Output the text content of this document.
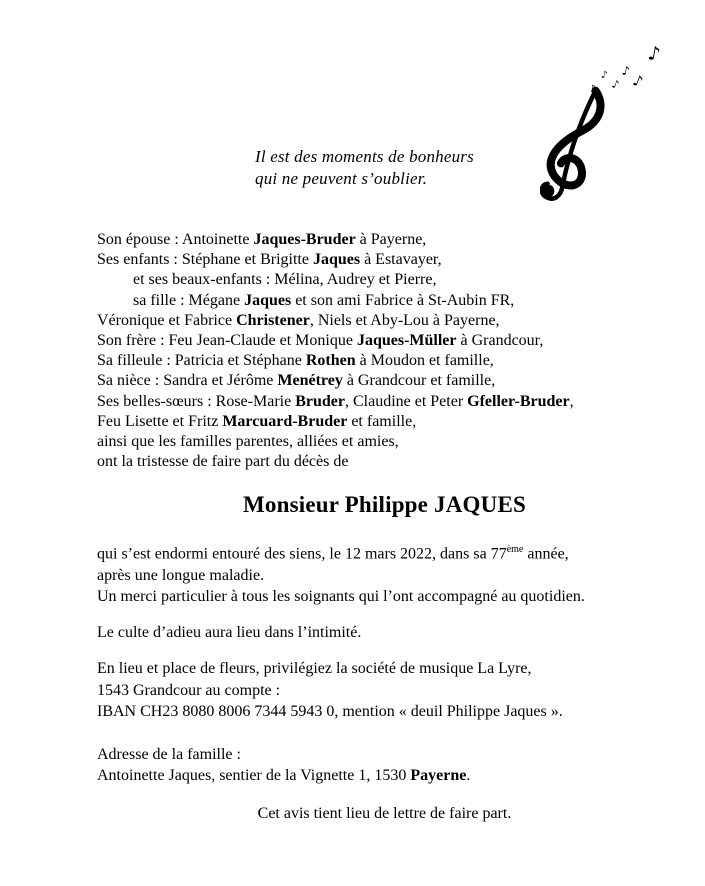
♪
♪
♪
♪ ♪
♪
Il est des moments de bonheurs
qui ne peuvent s’oublier.
Son épouse : Antoinette Jaques-Bruder à Payerne,
Ses enfants : Stéphane et Brigitte Jaques à Estavayer,
et ses beaux-enfants : Mélina, Audrey et Pierre,
sa fille : Mégane Jaques et son ami Fabrice à St-Aubin FR,
Véronique et Fabrice Christener, Niels et Aby-Lou à Payerne,
Son frère : Feu Jean-Claude et Monique Jaques-Müller à Grandcour,
Sa filleule : Patricia et Stéphane Rothen à Moudon et famille,
Sa nièce : Sandra et Jérôme Menétrey à Grandcour et famille,
Ses belles-sœurs : Rose-Marie Bruder, Claudine et Peter Gfeller-Bruder,
Feu Lisette et Fritz Marcuard-Bruder et famille,
ainsi que les familles parentes, alliées et amies,
ont la tristesse de faire part du décès de
Monsieur Philippe JAQUES
qui s’est endormi entouré des siens, le 12 mars 2022, dans sa 77ème année,
après une longue maladie.
Un merci particulier à tous les soignants qui l’ont accompagné au quotidien.
Le culte d’adieu aura lieu dans l’intimité.
En lieu et place de fleurs, privilégiez la société de musique La Lyre,
1543 Grandcour au compte :
IBAN CH23 8080 8006 7344 5943 0, mention « deuil Philippe Jaques ».
Adresse de la famille :
Antoinette Jaques, sentier de la Vignette 1, 1530 Payerne.
Cet avis tient lieu de lettre de faire part.
